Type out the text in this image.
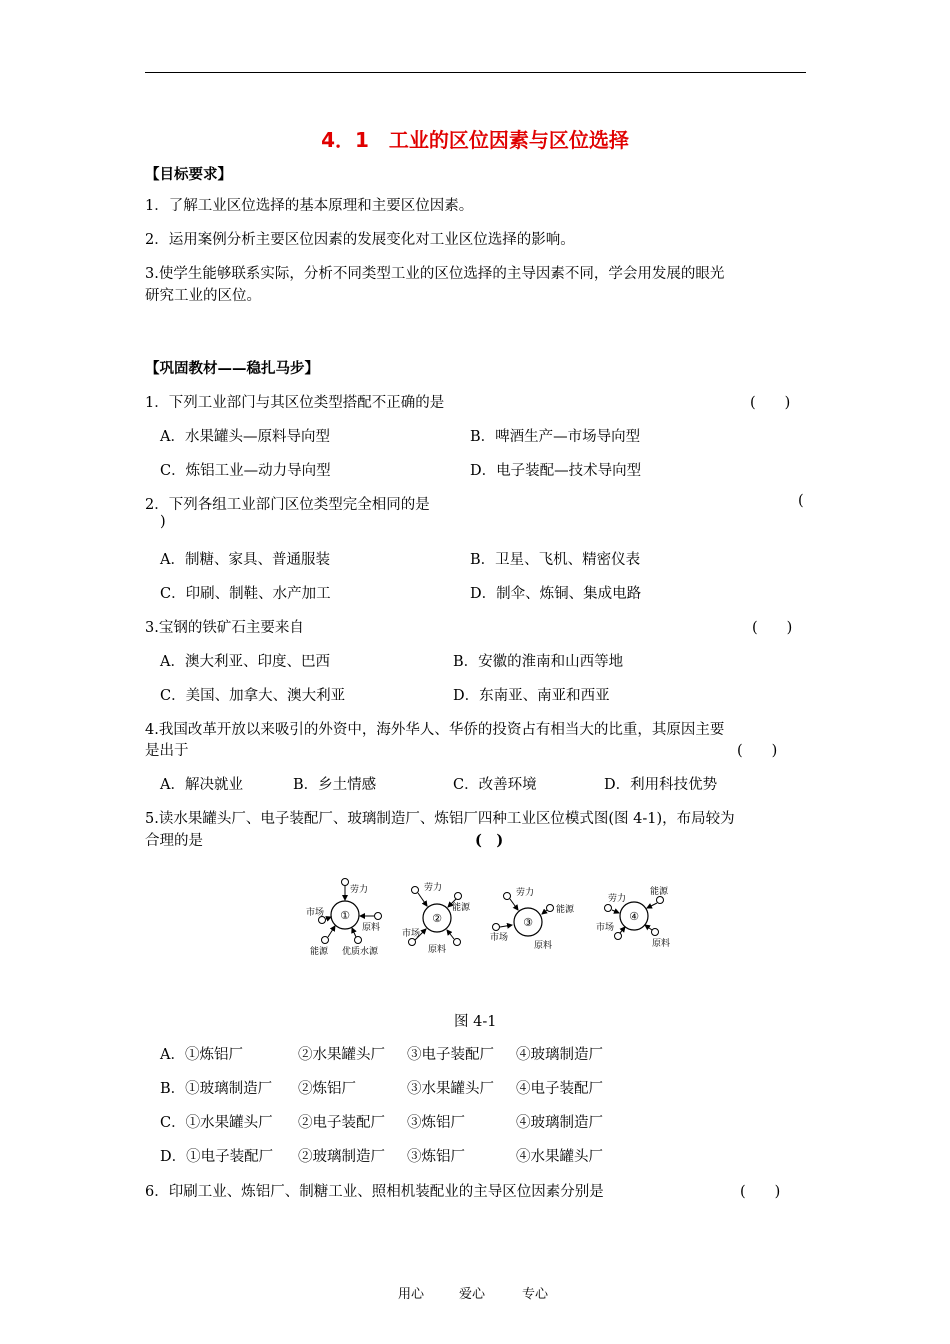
4．1　工业的区位因素与区位选择
【目标要求】
1．了解工业区位选择的基本原理和主要区位因素。
2．运用案例分析主要区位因素的发展变化对工业区位选择的影响。
3.使学生能够联系实际，分析不同类型工业的区位选择的主导因素不同，学会用发展的眼光
研究工业的区位。
【巩固教材——稳扎马步】
1．下列工业部门与其区位类型搭配不正确的是	(　　)
A．水果罐头—原料导向型	B．啤酒生产—市场导向型
C．炼铝工业—动力导向型	D．电子装配—技术导向型
2．下列各组工业部门区位类型完全相同的是	(
)
A．制糖、家具、普通服装	B．卫星、飞机、精密仪表
C．印刷、制鞋、水产加工	D．制伞、炼铜、集成电路
3.宝钢的铁矿石主要来自	(　　)
A．澳大利亚、印度、巴西	B．安徽的淮南和山西等地
C．美国、加拿大、澳大利亚	D．东南亚、南亚和西亚
4.我国改革开放以来吸引的外资中，海外华人、华侨的投资占有相当大的比重，其原因主要
是出于	(　　)
A．解决就业	B．乡土情感	C．改善环境	D．利用科技优势
5.读水果罐头厂、电子装配厂、玻璃制造厂、炼铝厂四种工业区位模式图(图 4-1)，布局较为
合理的是	(　)
①
劳力
市场
原料
能源 优质水源
②
劳力
能源
市场
原料
③
劳力
能源
市场
原料
④
劳力
能源
市场
原料
图 4-1
A．①炼铝厂	②水果罐头厂 ③电子装配厂 ④玻璃制造厂
B．①玻璃制造厂 ②炼铝厂	③水果罐头厂 ④电子装配厂
C．①水果罐头厂 ②电子装配厂 ③炼铝厂	④玻璃制造厂
D．①电子装配厂 ②玻璃制造厂 ③炼铝厂	④水果罐头厂
6．印刷工业、炼铝厂、制糖工业、照相机装配业的主导区位因素分别是	(　　)
用心	爱心	专心
